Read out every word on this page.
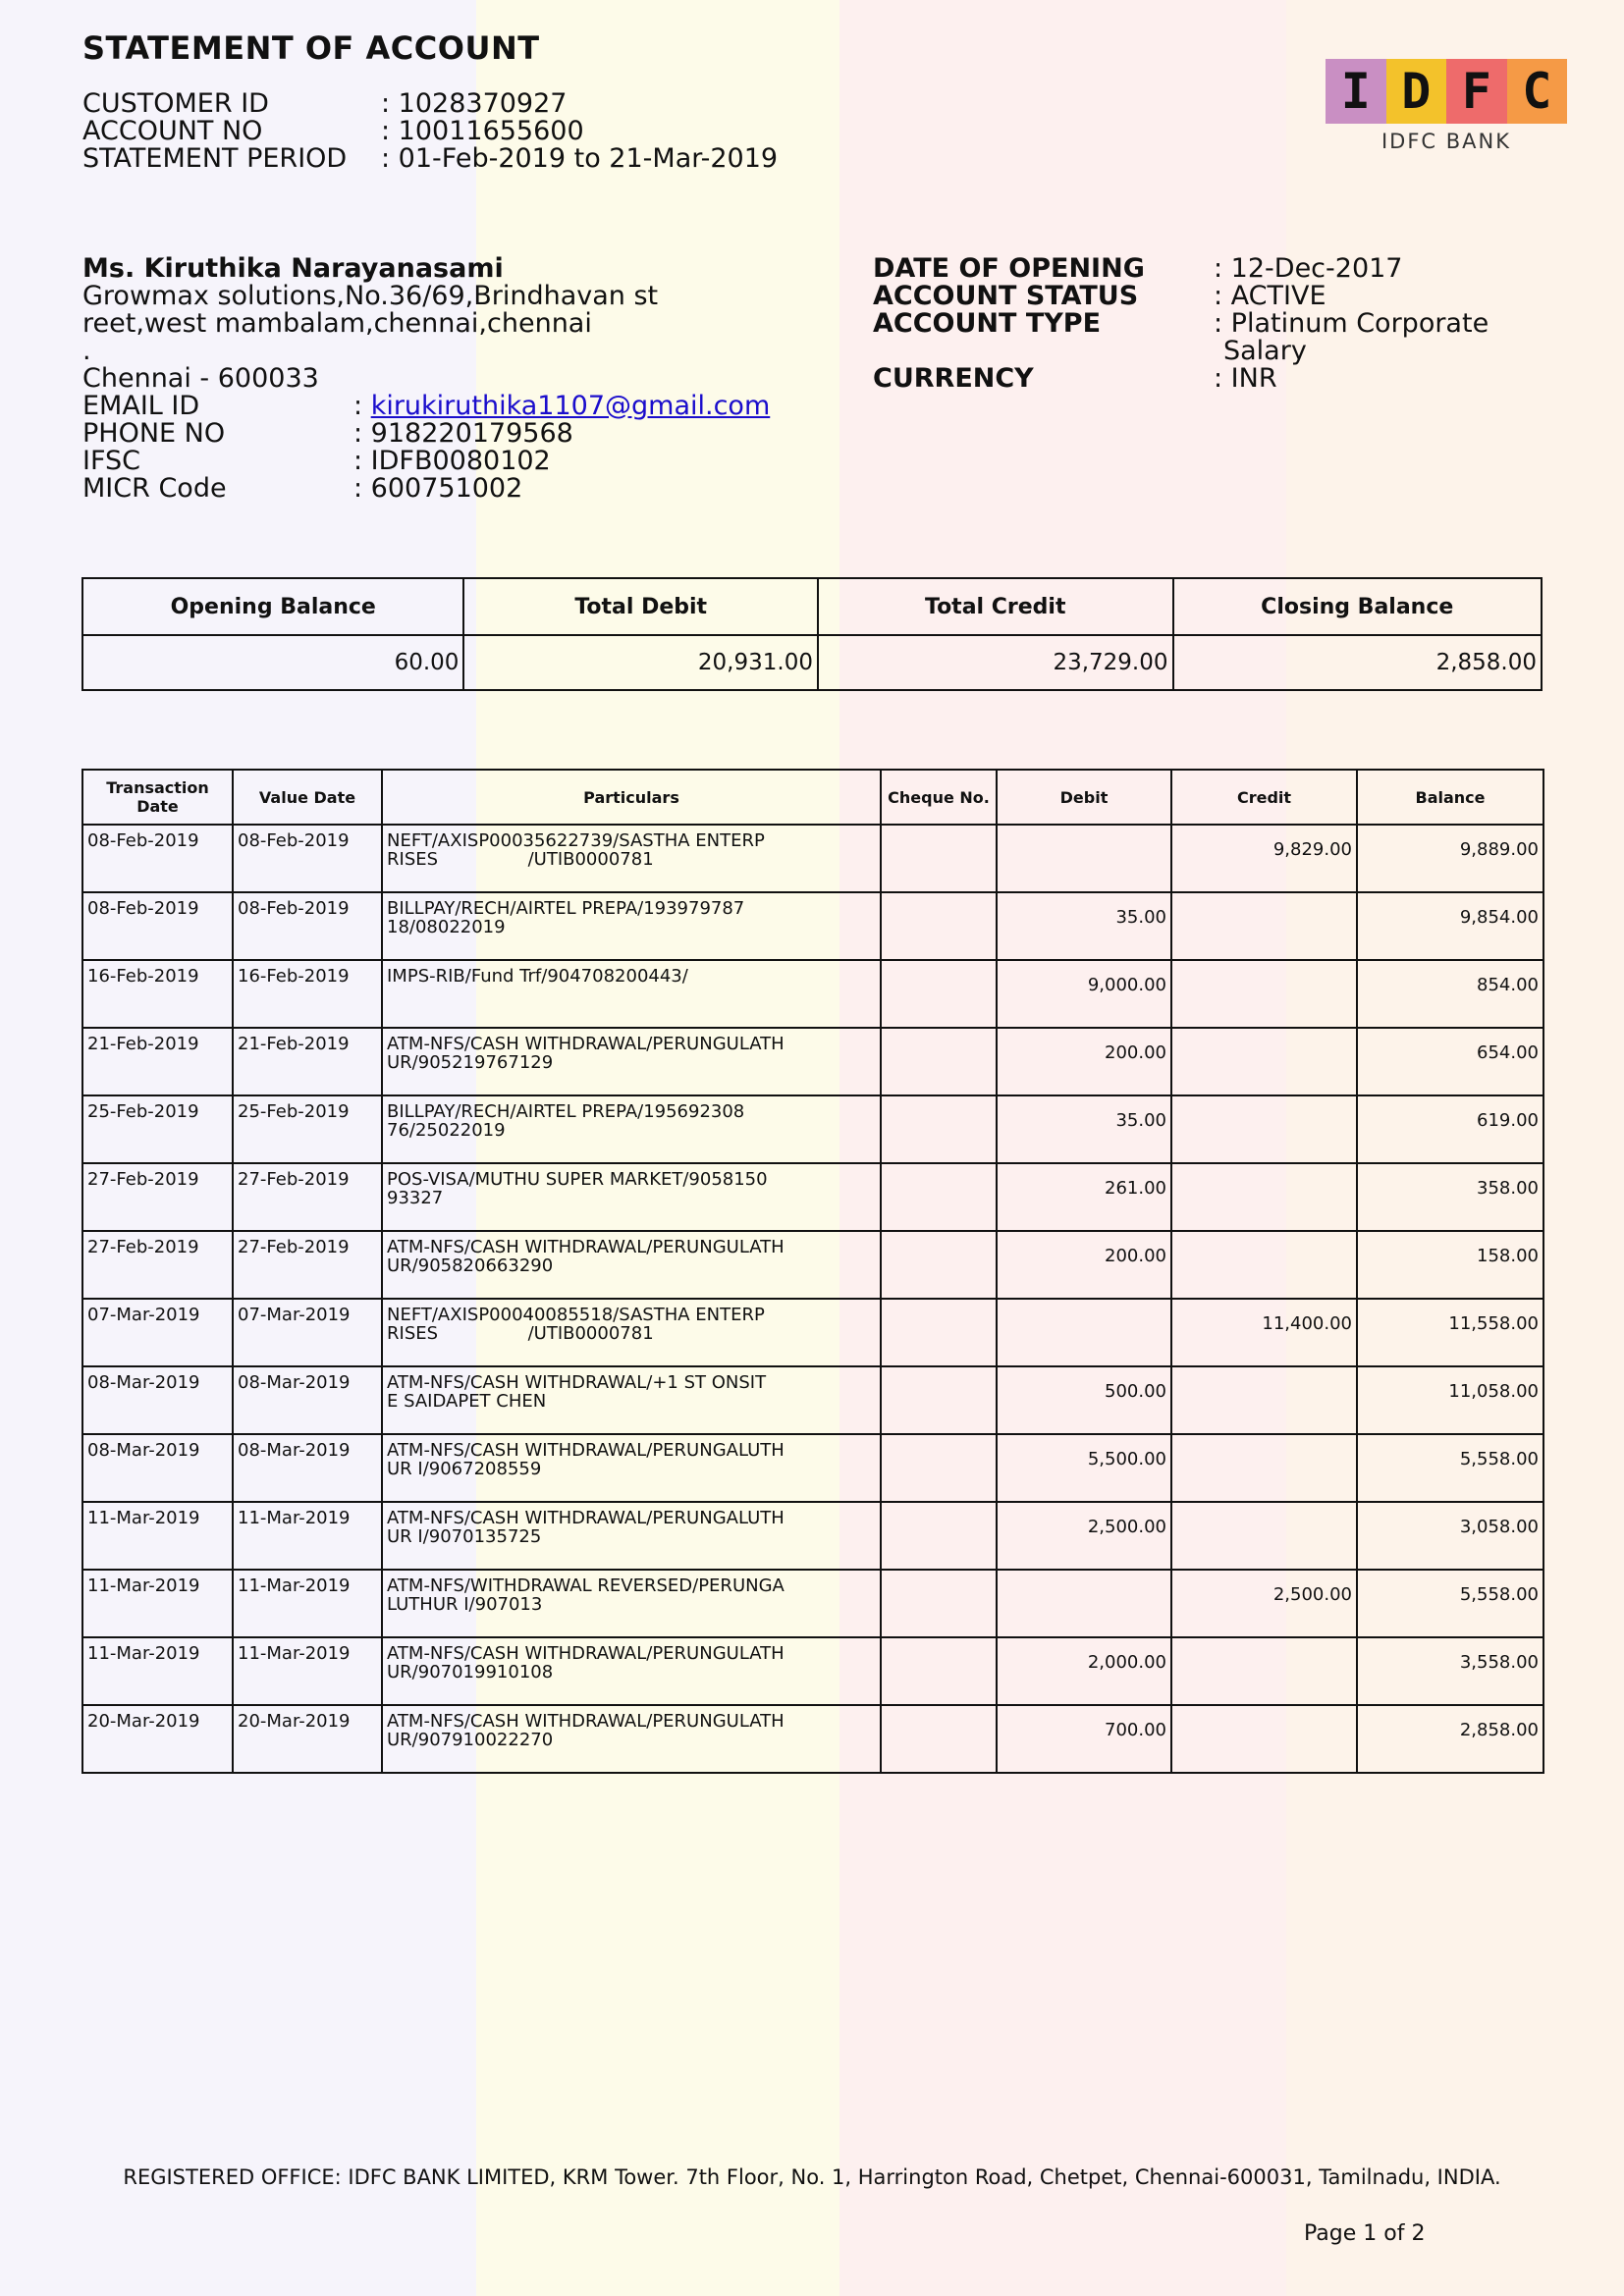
STATEMENT OF ACCOUNT
CUSTOMER ID	: 1028370927
ACCOUNT NO	: 10011655600
STATEMENT PERIOD : 01-Feb-2019 to 21-Mar-2019
I D F C
IDFC BANK
Ms. Kiruthika Narayanasami
Growmax solutions,No.36/69,Brindhavan st
reet,west mambalam,chennai,chennai
.
Chennai - 600033
EMAIL ID	: kirukiruthika1107@gmail.com
PHONE NO	: 918220179568
IFSC	: IDFB0080102
MICR Code	: 600751002
DATE OF OPENING	: 12-Dec-2017
ACCOUNT STATUS	: ACTIVE
ACCOUNT TYPE	: Platinum Corporate
Salary
CURRENCY	: INR
Opening Balance	Total Debit	Total Credit	Closing Balance
60.00	20,931.00	23,729.00	2,858.00
Transaction Date	Value Date	Particulars	Cheque No.	Debit	Credit	Balance
08-Feb-2019	08-Feb-2019	NEFT/AXISP00035622739/SASTHA ENTERP
RISES                /UTIB0000781			9,829.00	9,889.00
08-Feb-2019	08-Feb-2019	BILLPAY/RECH/AIRTEL PREPA/193979787
18/08022019		35.00		9,854.00
16-Feb-2019	16-Feb-2019	IMPS-RIB/Fund Trf/904708200443/		9,000.00		854.00
21-Feb-2019	21-Feb-2019	ATM-NFS/CASH WITHDRAWAL/PERUNGULATH
UR/905219767129		200.00		654.00
25-Feb-2019	25-Feb-2019	BILLPAY/RECH/AIRTEL PREPA/195692308
76/25022019		35.00		619.00
27-Feb-2019	27-Feb-2019	POS-VISA/MUTHU SUPER MARKET/9058150
93327		261.00		358.00
27-Feb-2019	27-Feb-2019	ATM-NFS/CASH WITHDRAWAL/PERUNGULATH
UR/905820663290		200.00		158.00
07-Mar-2019	07-Mar-2019	NEFT/AXISP00040085518/SASTHA ENTERP
RISES                /UTIB0000781			11,400.00	11,558.00
08-Mar-2019	08-Mar-2019	ATM-NFS/CASH WITHDRAWAL/+1 ST ONSIT
E SAIDAPET CHEN		500.00		11,058.00
08-Mar-2019	08-Mar-2019	ATM-NFS/CASH WITHDRAWAL/PERUNGALUTH
UR I/9067208559		5,500.00		5,558.00
11-Mar-2019	11-Mar-2019	ATM-NFS/CASH WITHDRAWAL/PERUNGALUTH
UR I/9070135725		2,500.00		3,058.00
11-Mar-2019	11-Mar-2019	ATM-NFS/WITHDRAWAL REVERSED/PERUNGA
LUTHUR I/907013			2,500.00	5,558.00
11-Mar-2019	11-Mar-2019	ATM-NFS/CASH WITHDRAWAL/PERUNGULATH
UR/907019910108		2,000.00		3,558.00
20-Mar-2019	20-Mar-2019	ATM-NFS/CASH WITHDRAWAL/PERUNGULATH
UR/907910022270		700.00		2,858.00
REGISTERED OFFICE: IDFC BANK LIMITED, KRM Tower. 7th Floor, No. 1, Harrington Road, Chetpet, Chennai-600031, Tamilnadu, INDIA.
Page 1 of 2
